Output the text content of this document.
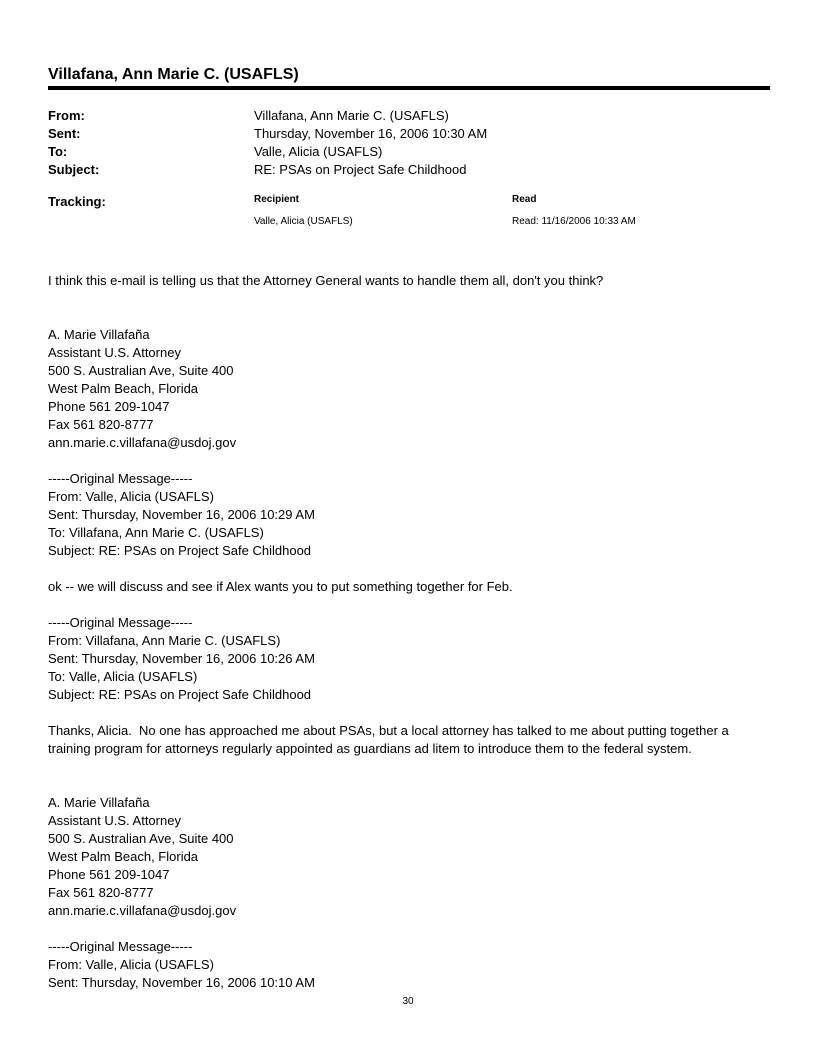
Villafana, Ann Marie C. (USAFLS)
From:	Villafana, Ann Marie C. (USAFLS)
Sent:	Thursday, November 16, 2006 10:30 AM
To:	Valle, Alicia (USAFLS)
Subject:	RE: PSAs on Project Safe Childhood
Tracking:	Recipient	Read
Valle, Alicia (USAFLS)	Read: 11/16/2006 10:33 AM
I think this e-mail is telling us that the Attorney General wants to handle them all, don't you think?
A. Marie Villafaña
Assistant U.S. Attorney
500 S. Australian Ave, Suite 400
West Palm Beach, Florida
Phone 561 209-1047
Fax 561 820-8777
ann.marie.c.villafana@usdoj.gov
-----Original Message-----
From: Valle, Alicia (USAFLS)
Sent: Thursday, November 16, 2006 10:29 AM
To: Villafana, Ann Marie C. (USAFLS)
Subject: RE: PSAs on Project Safe Childhood
ok -- we will discuss and see if Alex wants you to put something together for Feb.
-----Original Message-----
From: Villafana, Ann Marie C. (USAFLS)
Sent: Thursday, November 16, 2006 10:26 AM
To: Valle, Alicia (USAFLS)
Subject: RE: PSAs on Project Safe Childhood
Thanks, Alicia.  No one has approached me about PSAs, but a local attorney has talked to me about putting together a
training program for attorneys regularly appointed as guardians ad litem to introduce them to the federal system.
A. Marie Villafaña
Assistant U.S. Attorney
500 S. Australian Ave, Suite 400
West Palm Beach, Florida
Phone 561 209-1047
Fax 561 820-8777
ann.marie.c.villafana@usdoj.gov
-----Original Message-----
From: Valle, Alicia (USAFLS)
Sent: Thursday, November 16, 2006 10:10 AM
30
